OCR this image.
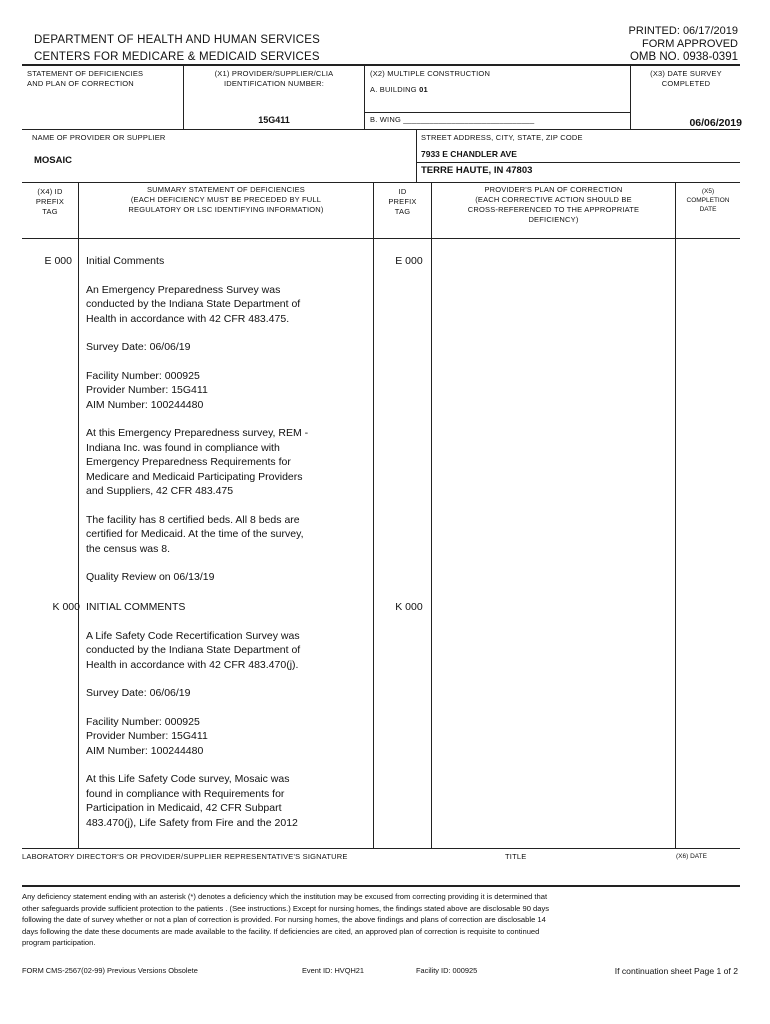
DEPARTMENT OF HEALTH AND HUMAN SERVICES
CENTERS FOR MEDICARE & MEDICAID SERVICES
PRINTED: 06/17/2019
FORM APPROVED
OMB NO. 0938-0391
STATEMENT OF DEFICIENCIES
AND PLAN OF CORRECTION
(X1) PROVIDER/SUPPLIER/CLIA
IDENTIFICATION NUMBER:
15G411
(X2) MULTIPLE CONSTRUCTION
A. BUILDING 01
B. WING ______________________________
(X3) DATE SURVEY
COMPLETED
06/06/2019
NAME OF PROVIDER OR SUPPLIER
MOSAIC
STREET ADDRESS, CITY, STATE, ZIP CODE
7933 E CHANDLER AVE
TERRE HAUTE, IN 47803
(X4) ID
PREFIX
TAG
SUMMARY STATEMENT OF DEFICIENCIES
(EACH DEFICIENCY MUST BE PRECEDED BY FULL
REGULATORY OR LSC IDENTIFYING INFORMATION)
ID
PREFIX
TAG
PROVIDER'S PLAN OF CORRECTION
(EACH CORRECTIVE ACTION SHOULD BE
CROSS-REFERENCED TO THE APPROPRIATE
DEFICIENCY)
(X5)
COMPLETION
DATE
E 000	E 000
Initial Comments
An Emergency Preparedness Survey was
conducted by the Indiana State Department of
Health in accordance with 42 CFR 483.475.
Survey Date: 06/06/19
Facility Number: 000925
Provider Number: 15G411
AIM Number: 100244480
At this Emergency Preparedness survey, REM -
Indiana Inc. was found in compliance with
Emergency Preparedness Requirements for
Medicare and Medicaid Participating Providers
and Suppliers, 42 CFR 483.475
The facility has 8 certified beds. All 8 beds are
certified for Medicaid. At the time of the survey,
the census was 8.
Quality Review on 06/13/19
K 000	K 000
INITIAL COMMENTS
A Life Safety Code Recertification Survey was
conducted by the Indiana State Department of
Health in accordance with 42 CFR 483.470(j).
Survey Date: 06/06/19
Facility Number: 000925
Provider Number: 15G411
AIM Number: 100244480
At this Life Safety Code survey, Mosaic was
found in compliance with Requirements for
Participation in Medicaid, 42 CFR Subpart
483.470(j), Life Safety from Fire and the 2012
LABORATORY DIRECTOR'S OR PROVIDER/SUPPLIER REPRESENTATIVE'S SIGNATURE	TITLE	(X6) DATE
Any deficiency statement ending with an asterisk (*) denotes a deficiency which the institution may be excused from correcting providing it is determined that
other safeguards provide sufficient protection to the patients . (See instructions.) Except for nursing homes, the findings stated above are disclosable 90 days
following the date of survey whether or not a plan of correction is provided. For nursing homes, the above findings and plans of correction are disclosable 14
days following the date these documents are made available to the facility. If deficiencies are cited, an approved plan of correction is requisite to continued
program participation.
FORM CMS-2567(02-99) Previous Versions Obsolete	Event ID: HVQH21	Facility ID: 000925	If continuation sheet Page 1 of 2
